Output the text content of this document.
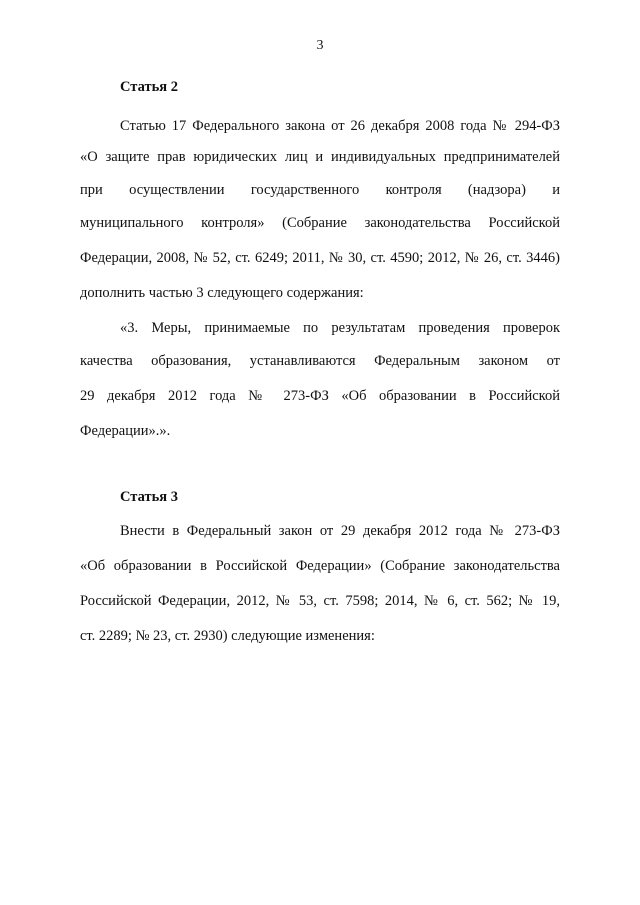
3
Статья 2
Статью 17 Федерального закона от 26 декабря 2008 года № 294-ФЗ
«О защите прав юридических лиц и индивидуальных предпринимателей
при осуществлении государственного контроля (надзора) и
муниципального контроля» (Собрание законодательства Российской
Федерации, 2008, № 52, ст. 6249; 2011, № 30, ст. 4590; 2012, № 26, ст. 3446)
дополнить частью 3 следующего содержания:
«3. Меры, принимаемые по результатам проведения проверок
качества образования, устанавливаются Федеральным законом от
29 декабря 2012 года № 273-ФЗ «Об образовании в Российской
Федерации».».
Статья 3
Внести в Федеральный закон от 29 декабря 2012 года № 273-ФЗ
«Об образовании в Российской Федерации» (Собрание законодательства
Российской Федерации, 2012, № 53, ст. 7598; 2014, № 6, ст. 562; № 19,
ст. 2289; № 23, ст. 2930) следующие изменения:
